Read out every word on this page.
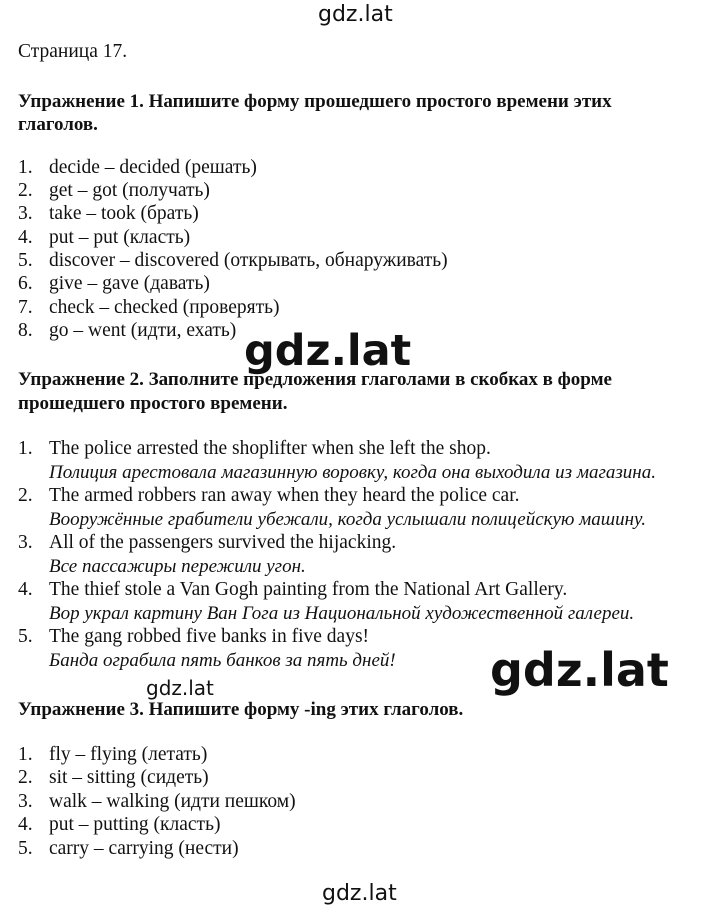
gdz.lat
Страница 17.
Упражнение 1. Напишите форму прошедшего простого времени этих
глаголов.
1. decide – decided (решать)
2. get – got (получать)
3. take – took (брать)
4. put – put (класть)
5. discover – discovered (открывать, обнаруживать)
6. give – gave (давать)
7. check – checked (проверять)
8. go – went (идти, ехать)
Упражнение 2. Заполните предложения глаголами в скобках в форме
прошедшего простого времени.
1. The police arrested the shoplifter when she left the shop.
Полиция арестовала магазинную воровку, когда она выходила из магазина.
2. The armed robbers ran away when they heard the police car.
Вооружённые грабители убежали, когда услышали полицейскую машину.
3. All of the passengers survived the hijacking.
Все пассажиры пережили угон.
4. The thief stole a Van Gogh painting from the National Art Gallery.
Вор украл картину Ван Гога из Национальной художественной галереи.
5. The gang robbed five banks in five days!
Банда ограбила пять банков за пять дней!
Упражнение 3. Напишите форму -ing этих глаголов.
1. fly – flying (летать)
2. sit – sitting (сидеть)
3. walk – walking (идти пешком)
4. put – putting (класть)
5. carry – carrying (нести)
gdz.lat
gdz.lat
gdz.lat
gdz.lat
